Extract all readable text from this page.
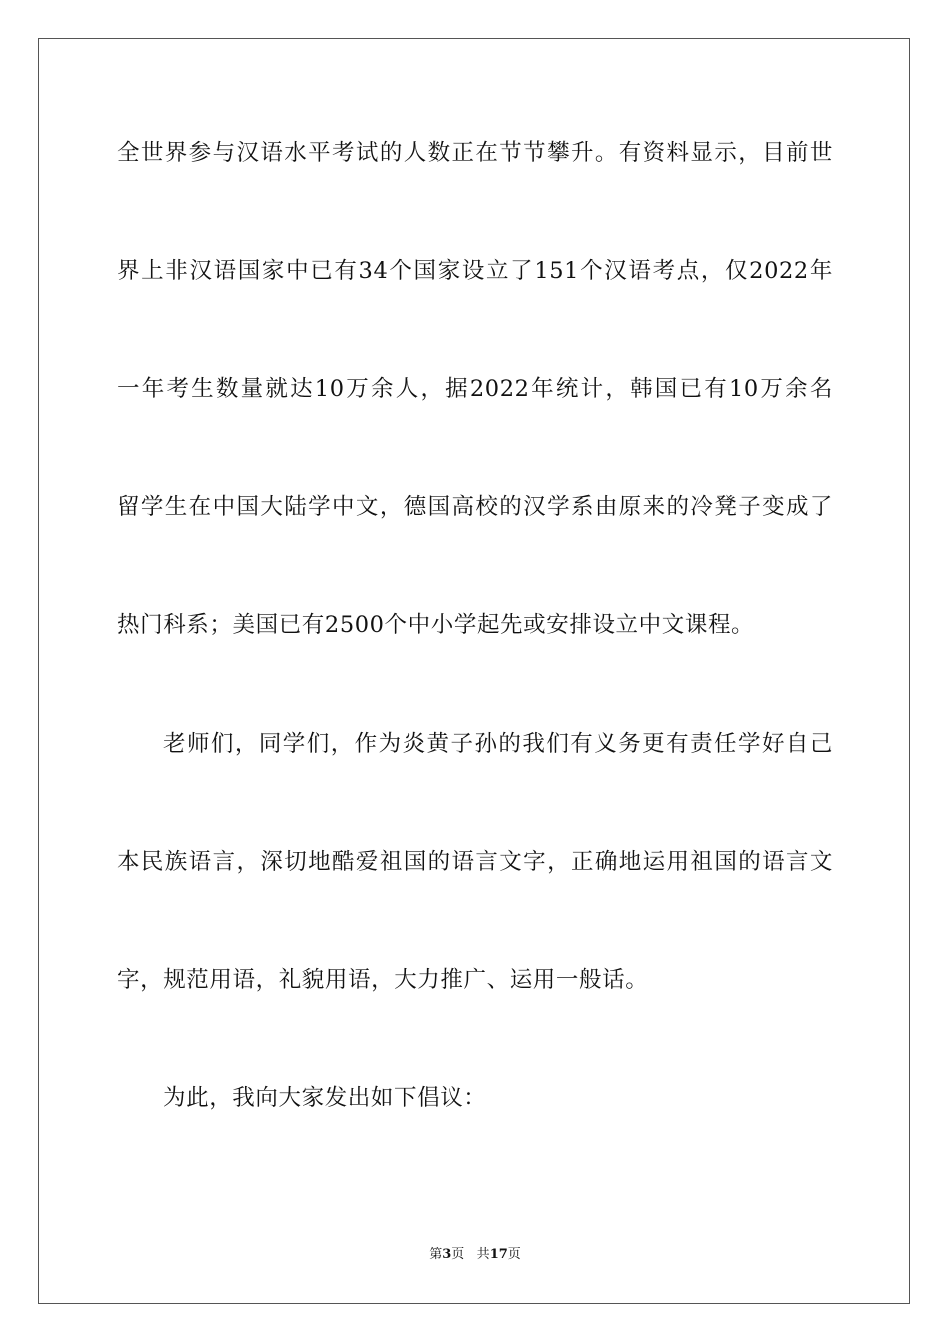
全世界参与汉语水平考试的人数正在节节攀升。有资料显示，目前世
界上非汉语国家中已有34个国家设立了151个汉语考点，仅2022年
一年考生数量就达10万余人，据2022年统计，韩国已有10万余名
留学生在中国大陆学中文，德国高校的汉学系由原来的冷凳子变成了
热门科系；美国已有2500个中小学起先或安排设立中文课程。
老师们，同学们，作为炎黄子孙的我们有义务更有责任学好自己
本民族语言，深切地酷爱祖国的语言文字，正确地运用祖国的语言文
字，规范用语，礼貌用语，大力推广、运用一般话。
为此，我向大家发出如下倡议：
第3页   共17页
